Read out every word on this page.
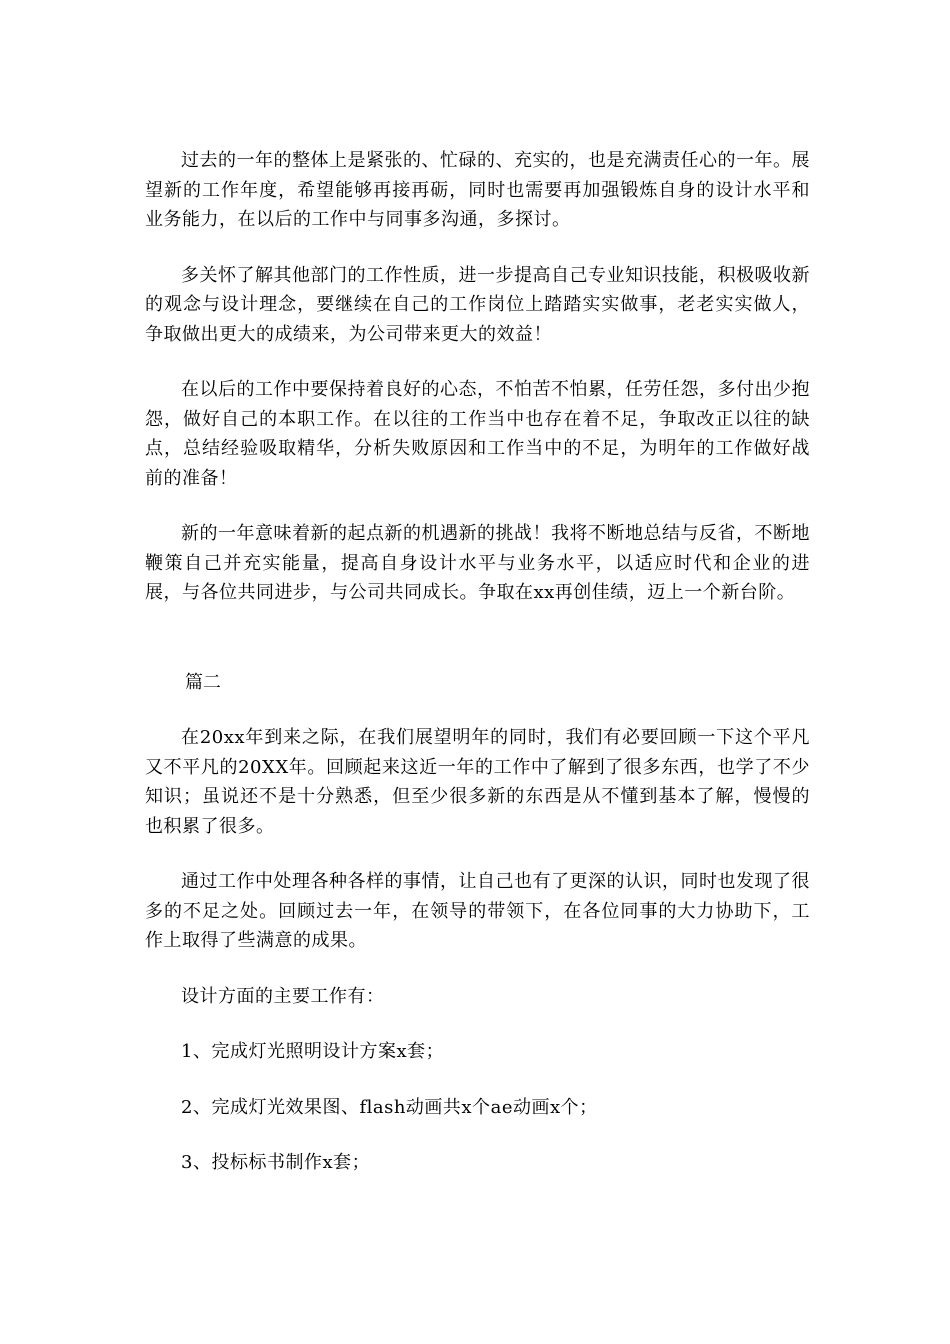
过去的一年的整体上是紧张的、忙碌的、充实的，也是充满责任心的一年。展望新的工作年度，希望能够再接再砺，同时也需要再加强锻炼自身的设计水平和业务能力，在以后的工作中与同事多沟通，多探讨。

多关怀了解其他部门的工作性质，进一步提高自己专业知识技能，积极吸收新的观念与设计理念，要继续在自己的工作岗位上踏踏实实做事，老老实实做人，争取做出更大的成绩来，为公司带来更大的效益！

在以后的工作中要保持着良好的心态，不怕苦不怕累，任劳任怨，多付出少抱怨，做好自己的本职工作。在以往的工作当中也存在着不足，争取改正以往的缺点，总结经验吸取精华，分析失败原因和工作当中的不足，为明年的工作做好战前的准备！

新的一年意味着新的起点新的机遇新的挑战！我将不断地总结与反省，不断地鞭策自己并充实能量，提高自身设计水平与业务水平，以适应时代和企业的进展，与各位共同进步，与公司共同成长。争取在xx再创佳绩，迈上一个新台阶。

篇二

在20xx年到来之际，在我们展望明年的同时，我们有必要回顾一下这个平凡又不平凡的20XX年。回顾起来这近一年的工作中了解到了很多东西，也学了不少知识；虽说还不是十分熟悉，但至少很多新的东西是从不懂到基本了解，慢慢的也积累了很多。

通过工作中处理各种各样的事情，让自己也有了更深的认识，同时也发现了很多的不足之处。回顾过去一年，在领导的带领下，在各位同事的大力协助下，工作上取得了些满意的成果。

设计方面的主要工作有：

1、完成灯光照明设计方案x套；

2、完成灯光效果图、flash动画共x个ae动画x个；

3、投标标书制作x套；
